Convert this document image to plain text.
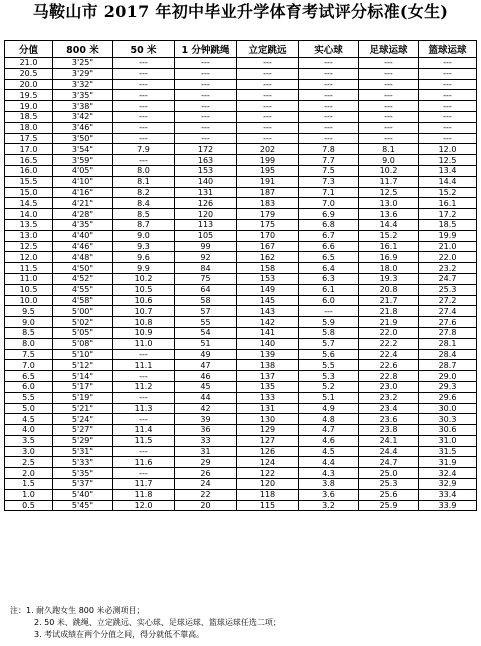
马鞍山市 2017 年初中毕业升学体育考试评分标准(女生)
分值	800 米	50 米	1 分钟跳绳	立定跳远	实心球	足球运球	篮球运球
21.0	3'25"	---	---	---	---	---	---
20.5	3'29"	---	---	---	---	---	---
20.0	3'32"	---	---	---	---	---	---
19.5	3'35"	---	---	---	---	---	---
19.0	3'38"	---	---	---	---	---	---
18.5	3'42"	---	---	---	---	---	---
18.0	3'46"	---	---	---	---	---	---
17.5	3'50"	---	---	---	---	---	---
17.0	3'54"	7.9	172	202	7.8	8.1	12.0
16.5	3'59"	---	163	199	7.7	9.0	12.5
16.0	4'05"	8.0	153	195	7.5	10.2	13.4
15.5	4'10"	8.1	140	191	7.3	11.7	14.4
15.0	4'16"	8.2	131	187	7.1	12.5	15.2
14.5	4'21"	8.4	126	183	7.0	13.0	16.1
14.0	4'28"	8.5	120	179	6.9	13.6	17.2
13.5	4'35"	8.7	113	175	6.8	14.4	18.5
13.0	4'40"	9.0	105	170	6.7	15.2	19.9
12.5	4'46"	9.3	99	167	6.6	16.1	21.0
12.0	4'48"	9.6	92	162	6.5	16.9	22.0
11.5	4'50"	9.9	84	158	6.4	18.0	23.2
11.0	4'52"	10.2	75	153	6.3	19.3	24.7
10.5	4'55"	10.5	64	149	6.1	20.8	25.3
10.0	4'58"	10.6	58	145	6.0	21.7	27.2
9.5	5'00"	10.7	57	143	---	21.8	27.4
9.0	5'02"	10.8	55	142	5.9	21.9	27.6
8.5	5'05"	10.9	54	141	5.8	22.0	27.8
8.0	5'08"	11.0	51	140	5.7	22.2	28.1
7.5	5'10"	---	49	139	5.6	22.4	28.4
7.0	5'12"	11.1	47	138	5.5	22.6	28.7
6.5	5'14"	---	46	137	5.3	22.8	29.0
6.0	5'17"	11.2	45	135	5.2	23.0	29.3
5.5	5'19"	---	44	133	5.1	23.2	29.6
5.0	5'21"	11.3	42	131	4.9	23.4	30.0
4.5	5'24"	---	39	130	4.8	23.6	30.3
4.0	5'27"	11.4	36	129	4.7	23.8	30.6
3.5	5'29"	11.5	33	127	4.6	24.1	31.0
3.0	5'31"	---	31	126	4.5	24.4	31.5
2.5	5'33"	11.6	29	124	4.4	24.7	31.9
2.0	5'35"	---	26	122	4.3	25.0	32.4
1.5	5'37"	11.7	24	120	3.8	25.3	32.9
1.0	5'40"	11.8	22	118	3.6	25.6	33.4
0.5	5'45"	12.0	20	115	3.2	25.9	33.9
注：1. 耐久跑女生 800 米必测项目；
2. 50 米、跳绳、立定跳远、实心球、足球运球、篮球运球任选二项；
3. 考试成绩在两个分值之间，得分就低不靠高。
